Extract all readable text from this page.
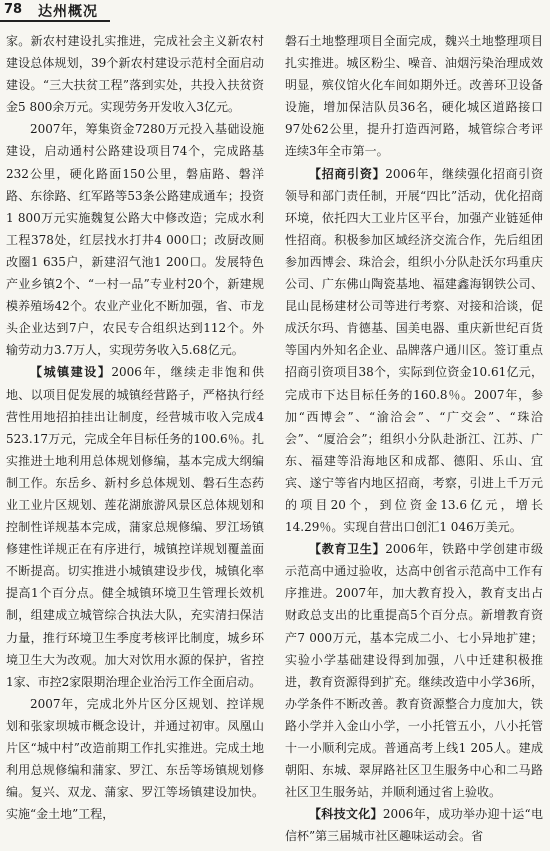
78 达州概况

家。新农村建设扎实推进，完成社会主义新农村建设总体规划，39个新农村建设示范村全面启动建设。“三大扶贫工程”落到实处，共投入扶贫资金5 800余万元。实现劳务开发收入3亿元。

2007年，筹集资金7280万元投入基础设施建设，启动通村公路建设项目74个，完成路基232公里，硬化路面150公里，磐庙路、磐洋路、东徐路、红军路等53条公路建成通车；投资1 800万元实施魏复公路大中修改造；完成水利工程378处，红层找水打井4 000口；改厨改厕改圈1 635户，新建沼气池1 200口。发展特色产业乡镇2个、“一村一品”专业村20个，新建规模养殖场42个。农业产业化不断加强，省、市龙头企业达到7户，农民专合组织达到112个。外输劳动力3.7万人，实现劳务收入5.68亿元。

【城镇建设】2006年，继续走非饱和供地、以项目促发展的城镇经营路子，严格执行经营性用地招拍挂出让制度，经营城市收入完成4 523.17万元，完成全年目标任务的100.6％。扎实推进土地利用总体规划修编，基本完成大纲编制工作。东岳乡、新村乡总体规划、磐石生态药业工业片区规划、莲花湖旅游风景区总体规划和控制性详规基本完成，蒲家总规修编、罗江场镇修建性详规正在有序进行，城镇控详规划覆盖面不断提高。切实推进小城镇建设步伐，城镇化率提高1个百分点。健全城镇环境卫生管理长效机制，组建成立城管综合执法大队，充实清扫保洁力量，推行环境卫生季度考核评比制度，城乡环境卫生大为改观。加大对饮用水源的保护，省控1家、市控2家限期治理企业治污工作全面启动。

2007年，完成北外片区分区规划、控详规划和张家坝城市概念设计，并通过初审。凤凰山片区“城中村”改造前期工作扎实推进。完成土地利用总规修编和蒲家、罗江、东岳等场镇规划修编。复兴、双龙、蒲家、罗江等场镇建设加快。实施“金土地”工程，

磐石土地整理项目全面完成，魏兴土地整理项目扎实推进。城区粉尘、噪音、油烟污染治理成效明显，殡仪馆火化车间如期外迁。改善环卫设备设施，增加保洁队员36名，硬化城区道路接口97处62公里，提升打造西河路，城管综合考评连续3年全市第一。

【招商引资】2006年，继续强化招商引资领导和部门责任制，开展“四比”活动，优化招商环境，依托四大工业片区平台，加强产业链延伸性招商。积极参加区域经济交流合作，先后组团参加西博会、珠洽会，组织小分队赴沃尔玛重庆公司、广东佛山陶瓷基地、福建鑫海钢铁公司、昆山昆杨建材公司等进行考察、对接和洽谈，促成沃尔玛、肯德基、国美电器、重庆新世纪百货等国内外知名企业、品牌落户通川区。签订重点招商引资项目38个，实际到位资金10.61亿元，完成市下达目标任务的160.8％。2007年，参加“西博会”、“渝洽会”、“广交会”、“珠洽会”、“厦洽会”；组织小分队赴浙江、江苏、广东、福建等沿海地区和成都、德阳、乐山、宜宾、遂宁等省内地区招商，考察，引进上千万元的项目20个，到位资金13.6亿元，增长14.29％。实现自营出口创汇1 046万美元。

【教育卫生】2006年，铁路中学创建市级示范高中通过验收，达高中创省示范高中工作有序推进。2007年，加大教育投入，教育支出占财政总支出的比重提高5个百分点。新增教育资产7 000万元，基本完成二小、七小异地扩建；实验小学基础建设得到加强，八中迁建积极推进，教育资源得到扩充。继续改造中小学36所，办学条件不断改善。教育资源整合力度加大，铁路小学并入金山小学，一小托管五小，八小托管十一小顺利完成。普通高考上线1 205人。建成朝阳、东城、翠屏路社区卫生服务中心和二马路社区卫生服务站，并顺利通过省上验收。

【科技文化】2006年，成功举办迎十运“电信杯”第三届城市社区趣味运动会。省
